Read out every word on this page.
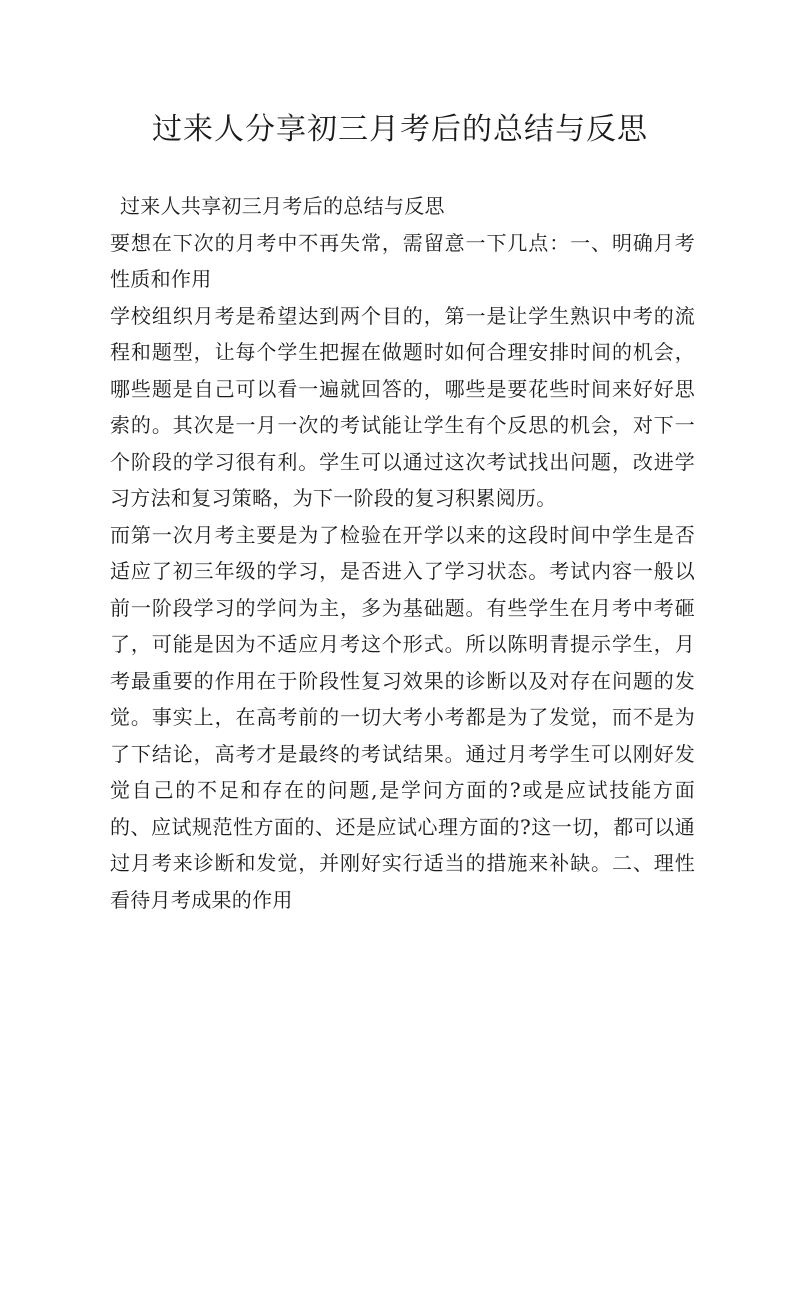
过来人分享初三月考后的总结与反思

过来人共享初三月考后的总结与反思

要想在下次的月考中不再失常，需留意一下几点：一、明确月考性质和作用

学校组织月考是希望达到两个目的，第一是让学生熟识中考的流程和题型，让每个学生把握在做题时如何合理安排时间的机会，哪些题是自己可以看一遍就回答的，哪些是要花些时间来好好思索的。其次是一月一次的考试能让学生有个反思的机会，对下一个阶段的学习很有利。学生可以通过这次考试找出问题，改进学习方法和复习策略，为下一阶段的复习积累阅历。

而第一次月考主要是为了检验在开学以来的这段时间中学生是否适应了初三年级的学习，是否进入了学习状态。考试内容一般以前一阶段学习的学问为主，多为基础题。有些学生在月考中考砸了，可能是因为不适应月考这个形式。所以陈明青提示学生，月考最重要的作用在于阶段性复习效果的诊断以及对存在问题的发觉。事实上，在高考前的一切大考小考都是为了发觉，而不是为了下结论，高考才是最终的考试结果。通过月考学生可以刚好发觉自己的不足和存在的问题,是学问方面的?或是应试技能方面的、应试规范性方面的、还是应试心理方面的?这一切，都可以通过月考来诊断和发觉，并刚好实行适当的措施来补缺。二、理性看待月考成果的作用
